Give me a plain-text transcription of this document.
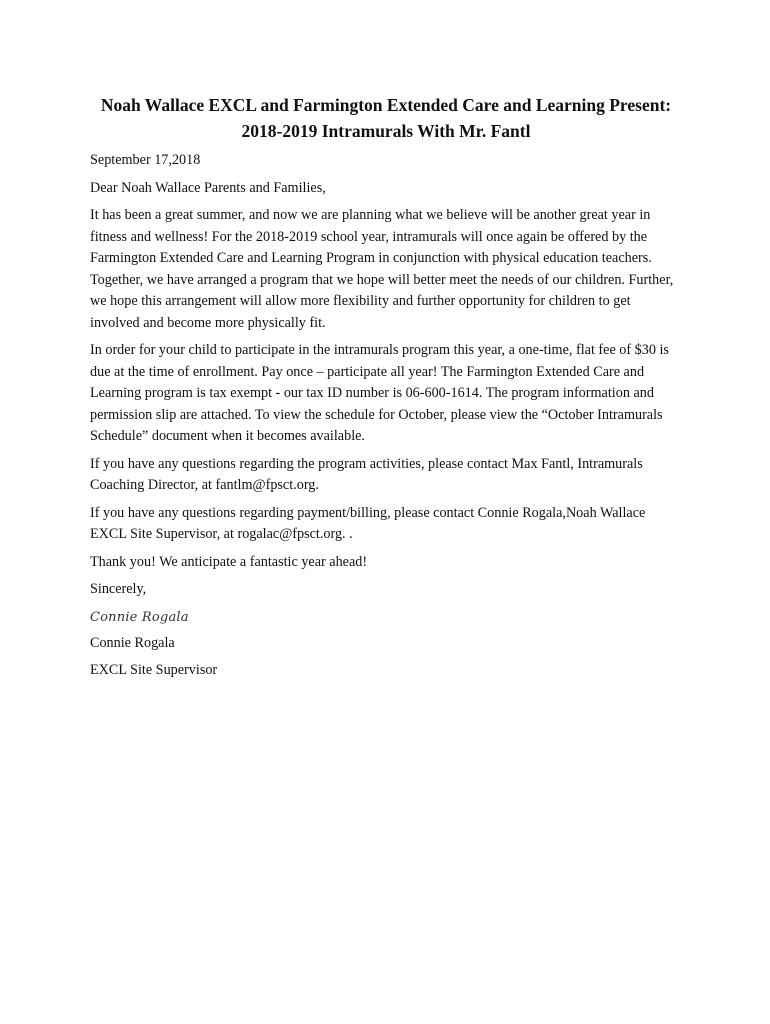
Noah Wallace EXCL and Farmington Extended Care and Learning Present:
2018-2019 Intramurals With Mr. Fantl

September 17,2018

Dear Noah Wallace Parents and Families,

It has been a great summer, and now we are planning what we believe will be another great year in fitness and wellness! For the 2018-2019 school year, intramurals will once again be offered by the Farmington Extended Care and Learning Program in conjunction with physical education teachers. Together, we have arranged a program that we hope will better meet the needs of our children. Further, we hope this arrangement will allow more flexibility and further opportunity for children to get involved and become more physically fit.

In order for your child to participate in the intramurals program this year, a one-time, flat fee of $30 is due at the time of enrollment. Pay once – participate all year! The Farmington Extended Care and Learning program is tax exempt - our tax ID number is 06-600-1614. The program information and permission slip are attached. To view the schedule for October, please view the “October Intramurals Schedule” document when it becomes available.

If you have any questions regarding the program activities, please contact Max Fantl, Intramurals Coaching Director, at fantlm@fpsct.org.

If you have any questions regarding payment/billing, please contact Connie Rogala,Noah Wallace EXCL Site Supervisor, at rogalac@fpsct.org. .

Thank you! We anticipate a fantastic year ahead!

Sincerely,

Connie Rogala

Connie Rogala

EXCL Site Supervisor
